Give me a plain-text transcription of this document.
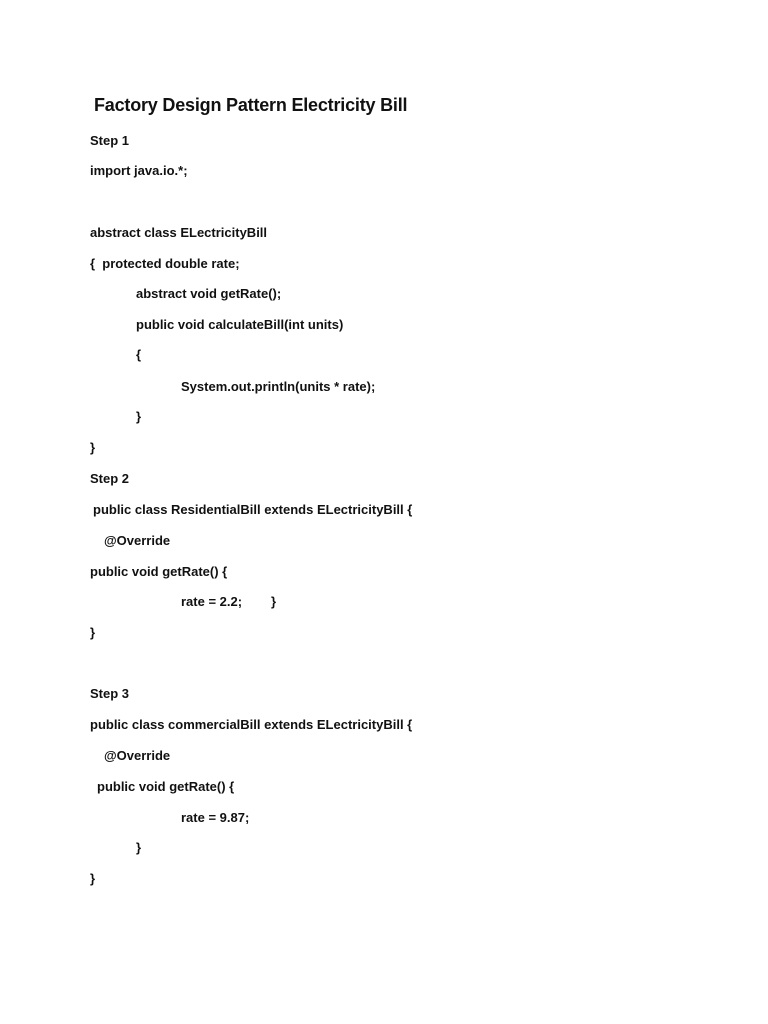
Factory Design Pattern Electricity Bill
Step 1
import java.io.*;
abstract class ELectricityBill
{  protected double rate;
abstract void getRate();
public void calculateBill(int units)
{
System.out.println(units * rate);
}
}
Step 2
public class ResidentialBill extends ELectricityBill {
@Override
public void getRate() {
rate = 2.2; }
}
Step 3
public class commercialBill extends ELectricityBill {
@Override
public void getRate() {
rate = 9.87;
}
}
